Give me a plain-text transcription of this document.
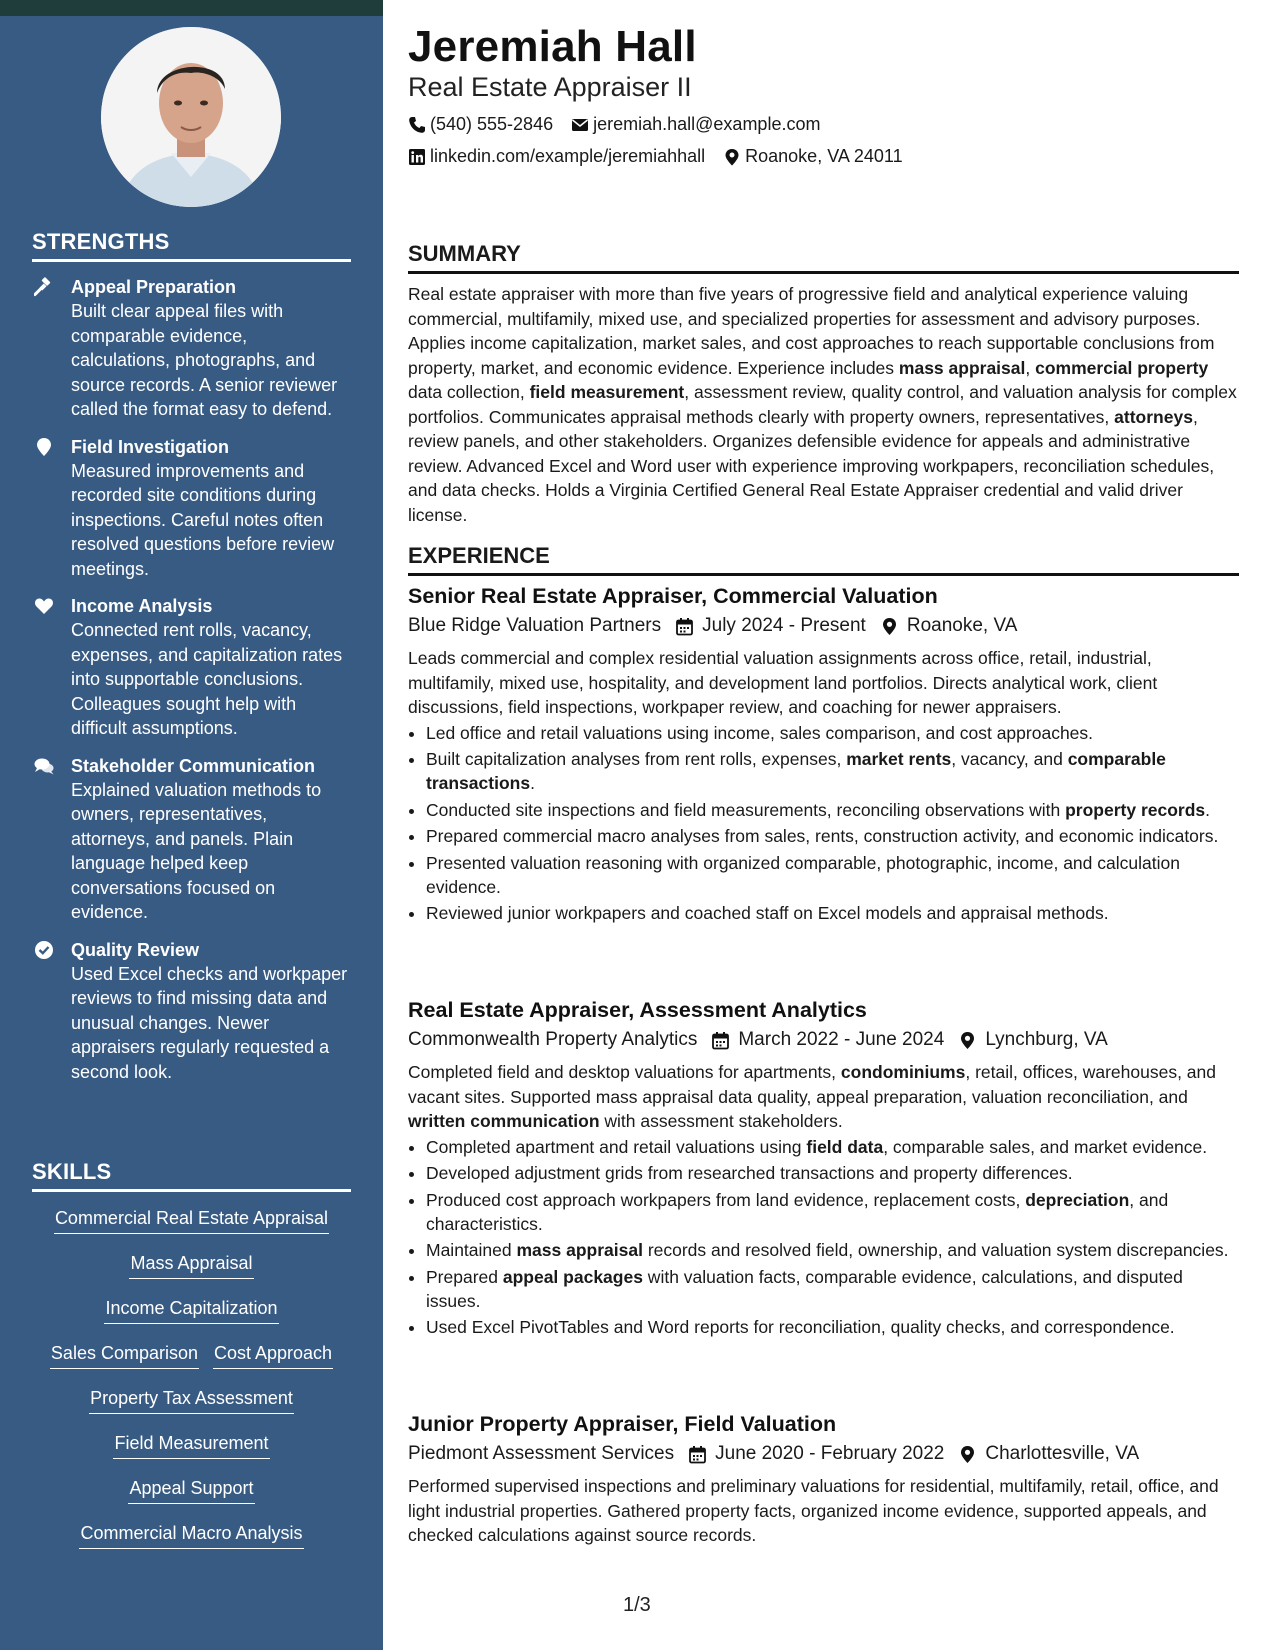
STRENGTHS
Appeal Preparation
Built clear appeal files with comparable evidence, calculations, photographs, and source records. A senior reviewer called the format easy to defend.
Field Investigation
Measured improvements and recorded site conditions during inspections. Careful notes often resolved questions before review meetings.
Income Analysis
Connected rent rolls, vacancy, expenses, and capitalization rates into supportable conclusions. Colleagues sought help with difficult assumptions.
Stakeholder Communication
Explained valuation methods to owners, representatives, attorneys, and panels. Plain language helped keep conversations focused on evidence.
Quality Review
Used Excel checks and workpaper reviews to find missing data and unusual changes. Newer appraisers regularly requested a second look.
SKILLS
Commercial Real Estate Appraisal
Mass Appraisal
Income Capitalization
Sales Comparison Cost Approach
Property Tax Assessment
Field Measurement
Appeal Support
Commercial Macro Analysis
Jeremiah Hall
Real Estate Appraiser II
(540) 555-2846 jeremiah.hall@example.com
linkedin.com/example/jeremiahhall Roanoke, VA 24011
SUMMARY
Real estate appraiser with more than five years of progressive field and analytical experience valuing commercial, multifamily, mixed use, and specialized properties for assessment and advisory purposes. Applies income capitalization, market sales, and cost approaches to reach supportable conclusions from property, market, and economic evidence. Experience includes mass appraisal, commercial property data collection, field measurement, assessment review, quality control, and valuation analysis for complex portfolios. Communicates appraisal methods clearly with property owners, representatives, attorneys, review panels, and other stakeholders. Organizes defensible evidence for appeals and administrative review. Advanced Excel and Word user with experience improving workpapers, reconciliation schedules, and data checks. Holds a Virginia Certified General Real Estate Appraiser credential and valid driver license.
EXPERIENCE
Senior Real Estate Appraiser, Commercial Valuation
Blue Ridge Valuation Partners July 2024 - Present Roanoke, VA
Leads commercial and complex residential valuation assignments across office, retail, industrial, multifamily, mixed use, hospitality, and development land portfolios. Directs analytical work, client discussions, field inspections, workpaper review, and coaching for newer appraisers.
• Led office and retail valuations using income, sales comparison, and cost approaches.
• Built capitalization analyses from rent rolls, expenses, market rents, vacancy, and comparable transactions.
• Conducted site inspections and field measurements, reconciling observations with property records.
• Prepared commercial macro analyses from sales, rents, construction activity, and economic indicators.
• Presented valuation reasoning with organized comparable, photographic, income, and calculation evidence.
• Reviewed junior workpapers and coached staff on Excel models and appraisal methods.
Real Estate Appraiser, Assessment Analytics
Commonwealth Property Analytics March 2022 - June 2024 Lynchburg, VA
Completed field and desktop valuations for apartments, condominiums, retail, offices, warehouses, and vacant sites. Supported mass appraisal data quality, appeal preparation, valuation reconciliation, and written communication with assessment stakeholders.
• Completed apartment and retail valuations using field data, comparable sales, and market evidence.
• Developed adjustment grids from researched transactions and property differences.
• Produced cost approach workpapers from land evidence, replacement costs, depreciation, and characteristics.
• Maintained mass appraisal records and resolved field, ownership, and valuation system discrepancies.
• Prepared appeal packages with valuation facts, comparable evidence, calculations, and disputed issues.
• Used Excel PivotTables and Word reports for reconciliation, quality checks, and correspondence.
Junior Property Appraiser, Field Valuation
Piedmont Assessment Services June 2020 - February 2022 Charlottesville, VA
Performed supervised inspections and preliminary valuations for residential, multifamily, retail, office, and light industrial properties. Gathered property facts, organized income evidence, supported appeals, and checked calculations against source records.
1/3
